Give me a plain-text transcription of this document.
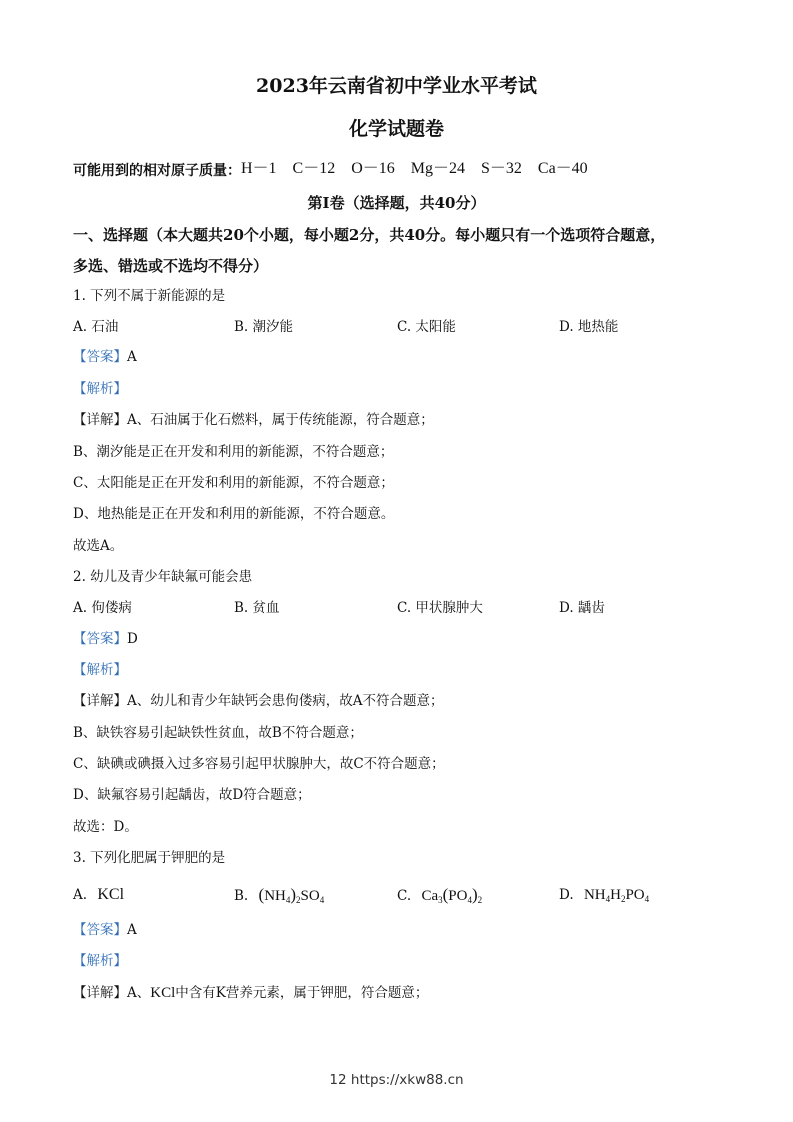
2023年云南省初中学业水平考试
化学试题卷
可能用到的相对原子质量：H－1　C－12　O－16　Mg－24　S－32　Ca－40
第Ⅰ卷（选择题，共40分）
一、选择题（本大题共20个小题，每小题2分，共40分。每小题只有一个选项符合题意，
多选、错选或不选均不得分）
1. 下列不属于新能源的是
A. 石油	B. 潮汐能	C. 太阳能	D. 地热能
【答案】A
【解析】
【详解】A、石油属于化石燃料，属于传统能源，符合题意；
B、潮汐能是正在开发和利用的新能源，不符合题意；
C、太阳能是正在开发和利用的新能源，不符合题意；
D、地热能是正在开发和利用的新能源，不符合题意。
故选A。
2. 幼儿及青少年缺氟可能会患
A. 佝偻病	B. 贫血	C. 甲状腺肿大	D. 龋齿
【答案】D
【解析】
【详解】A、幼儿和青少年缺钙会患佝偻病，故A不符合题意；
B、缺铁容易引起缺铁性贫血，故B不符合题意；
C、缺碘或碘摄入过多容易引起甲状腺肿大，故C不符合题意；
D、缺氟容易引起龋齿，故D符合题意；
故选：D。
3. 下列化肥属于钾肥的是
A. KCl	B. $(NH_4)_2SO_4$	C. $Ca_3(PO_4)_2$	D. $NH_4H_2PO_4$
【答案】A
【解析】
【详解】A、KCl中含有K营养元素，属于钾肥，符合题意；
12 https://xkw88.cn
